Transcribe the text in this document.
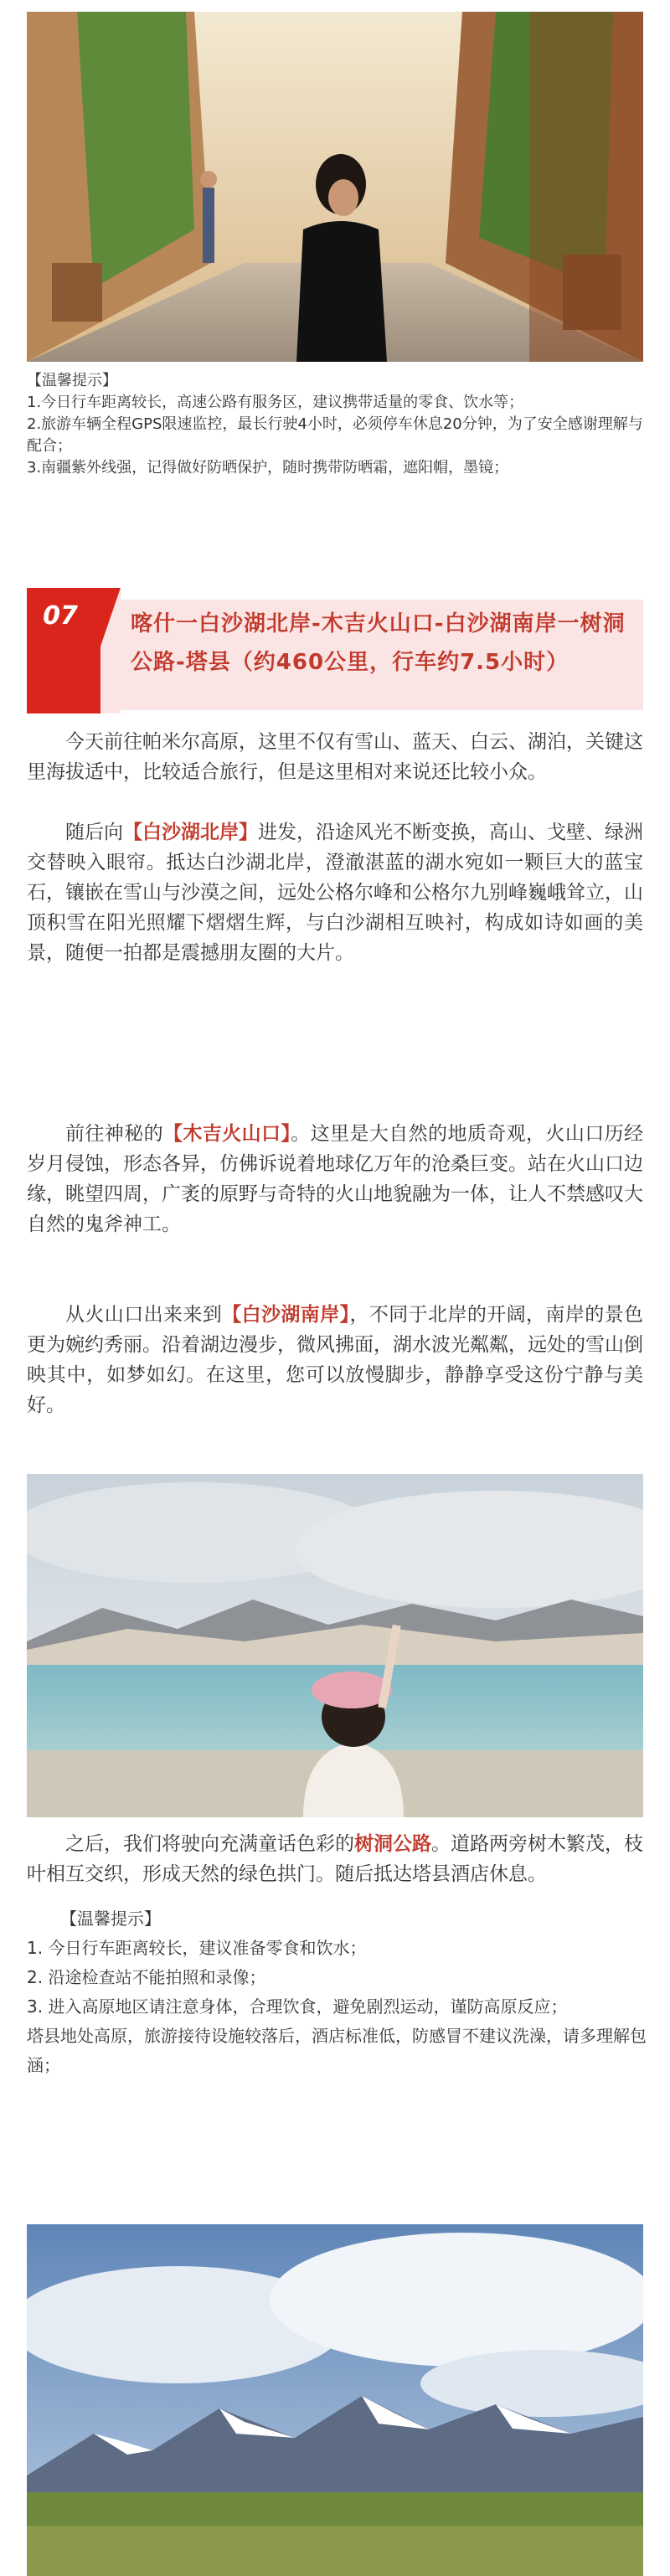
【温馨提示】
1.今日行车距离较长，高速公路有服务区，建议携带适量的零食、饮水等；
2.旅游车辆全程GPS限速监控，最长行驶4小时，必须停车休息20分钟，为了安全感谢理解与配合；
3.南疆紫外线强，记得做好防晒保护，随时携带防晒霜，遮阳帽，墨镜；
喀什一白沙湖北岸-木吉火山口-白沙湖南岸一树洞公路-塔县（约460公里，行车约7.5小时）
07
今天前往帕米尔高原，这里不仅有雪山、蓝天、白云、湖泊，关键这里海拔适中，比较适合旅行，但是这里相对来说还比较小众。
随后向【白沙湖北岸】进发，沿途风光不断变换，高山、戈壁、绿洲交替映入眼帘。抵达白沙湖北岸，澄澈湛蓝的湖水宛如一颗巨大的蓝宝石，镶嵌在雪山与沙漠之间，远处公格尔峰和公格尔九别峰巍峨耸立，山顶积雪在阳光照耀下熠熠生辉，与白沙湖相互映衬，构成如诗如画的美景，随便一拍都是震撼朋友圈的大片。
前往神秘的【木吉火山口】。这里是大自然的地质奇观，火山口历经岁月侵蚀，形态各异，仿佛诉说着地球亿万年的沧桑巨变。站在火山口边缘，眺望四周，广袤的原野与奇特的火山地貌融为一体，让人不禁感叹大自然的鬼斧神工。
从火山口出来来到【白沙湖南岸】，不同于北岸的开阔，南岸的景色更为婉约秀丽。沿着湖边漫步，微风拂面，湖水波光粼粼，远处的雪山倒映其中，如梦如幻。在这里，您可以放慢脚步，静静享受这份宁静与美好。
之后，我们将驶向充满童话色彩的树洞公路。道路两旁树木繁茂，枝叶相互交织，形成天然的绿色拱门。随后抵达塔县酒店休息。
【温馨提示】
1. 今日行车距离较长，建议准备零食和饮水；
2. 沿途检查站不能拍照和录像；
3. 进入高原地区请注意身体，合理饮食，避免剧烈运动，谨防高原反应；
塔县地处高原，旅游接待设施较落后，酒店标准低，防感冒不建议洗澡，请多理解包涵；
